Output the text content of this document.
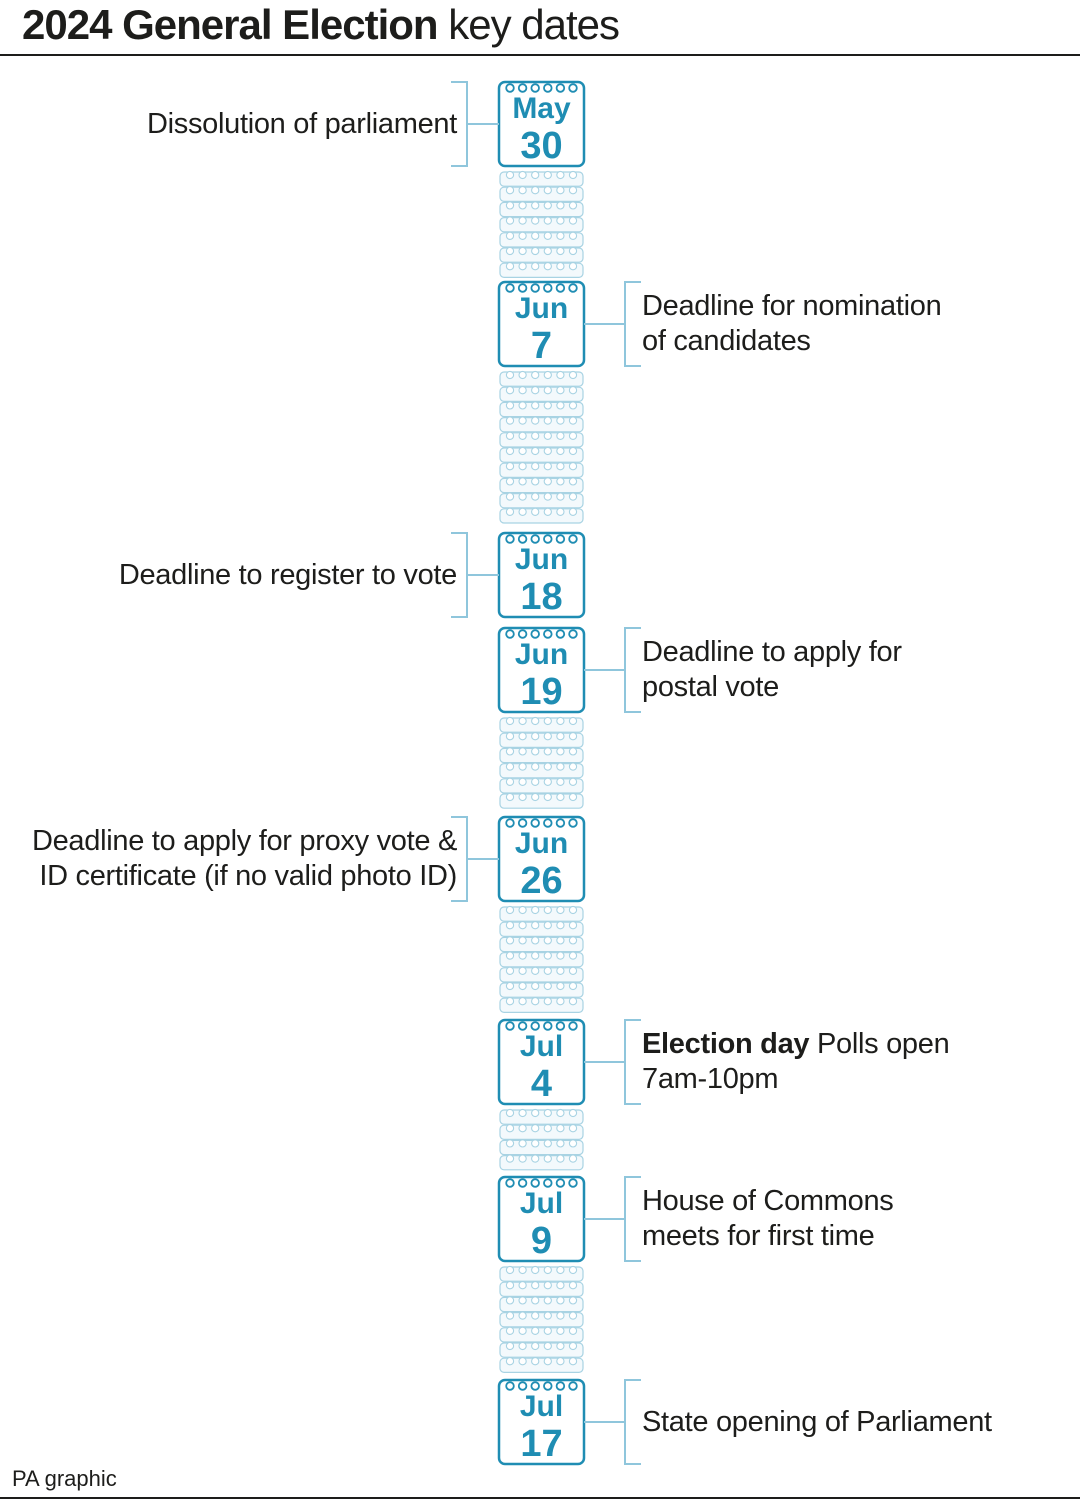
2024 General Election key dates
May
30
Jun
7
Jun
18
Jun
19
Jun
26
Jul
4
Jul
9
Jul
17
Dissolution of parliament
Deadline for nomination
of candidates
Deadline to register to vote
Deadline to apply for
postal vote
Deadline to apply for proxy vote &
ID certificate (if no valid photo ID)
Election day Polls open
7am-10pm
House of Commons
meets for first time
State opening of Parliament
PA graphic
